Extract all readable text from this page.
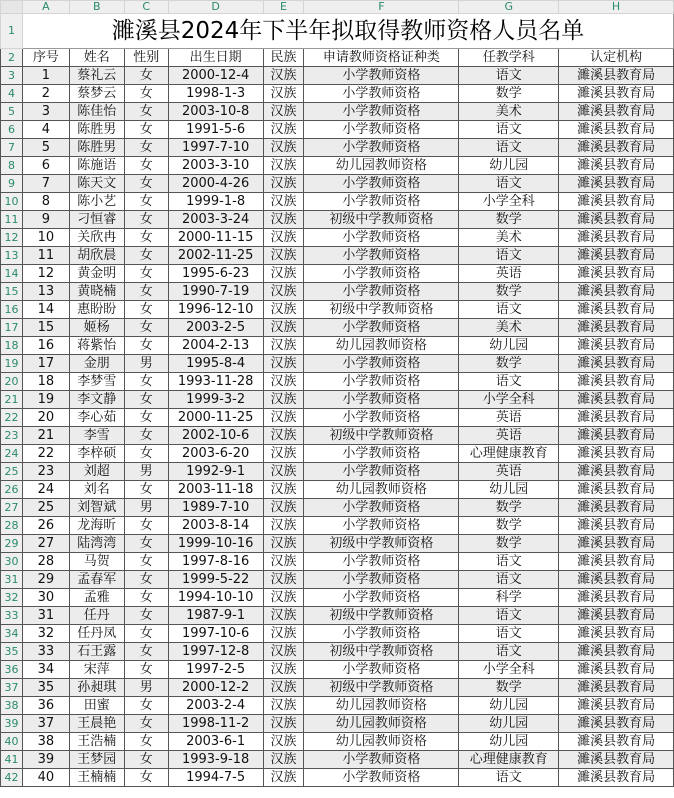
	A	B	C	D	E	F	G	H
1	濉溪县2024年下半年拟取得教师资格人员名单							
2	序号	姓名	性别	出生日期	民族	申请教师资格证种类	任教学科	认定机构
3	1	蔡礼云	女	2000-12-4	汉族	小学教师资格	语文	濉溪县教育局
4	2	蔡梦云	女	1998-1-3	汉族	小学教师资格	数学	濉溪县教育局
5	3	陈佳怡	女	2003-10-8	汉族	小学教师资格	美术	濉溪县教育局
6	4	陈胜男	女	1991-5-6	汉族	小学教师资格	语文	濉溪县教育局
7	5	陈胜男	女	1997-7-10	汉族	小学教师资格	语文	濉溪县教育局
8	6	陈施语	女	2003-3-10	汉族	幼儿园教师资格	幼儿园	濉溪县教育局
9	7	陈天文	女	2000-4-26	汉族	小学教师资格	语文	濉溪县教育局
10	8	陈小艺	女	1999-1-8	汉族	小学教师资格	小学全科	濉溪县教育局
11	9	刁恒睿	女	2003-3-24	汉族	初级中学教师资格	数学	濉溪县教育局
12	10	关欣冉	女	2000-11-15	汉族	小学教师资格	美术	濉溪县教育局
13	11	胡欣晨	女	2002-11-25	汉族	小学教师资格	语文	濉溪县教育局
14	12	黄金明	女	1995-6-23	汉族	小学教师资格	英语	濉溪县教育局
15	13	黄晓楠	女	1990-7-19	汉族	小学教师资格	数学	濉溪县教育局
16	14	惠盼盼	女	1996-12-10	汉族	初级中学教师资格	语文	濉溪县教育局
17	15	姬杨	女	2003-2-5	汉族	小学教师资格	美术	濉溪县教育局
18	16	蒋紫怡	女	2004-2-13	汉族	幼儿园教师资格	幼儿园	濉溪县教育局
19	17	金朋	男	1995-8-4	汉族	小学教师资格	数学	濉溪县教育局
20	18	李梦雪	女	1993-11-28	汉族	小学教师资格	语文	濉溪县教育局
21	19	李文静	女	1999-3-2	汉族	小学教师资格	小学全科	濉溪县教育局
22	20	李心茹	女	2000-11-25	汉族	小学教师资格	英语	濉溪县教育局
23	21	李雪	女	2002-10-6	汉族	初级中学教师资格	英语	濉溪县教育局
24	22	李梓硕	女	2003-6-20	汉族	小学教师资格	心理健康教育	濉溪县教育局
25	23	刘超	男	1992-9-1	汉族	小学教师资格	英语	濉溪县教育局
26	24	刘名	女	2003-11-18	汉族	幼儿园教师资格	幼儿园	濉溪县教育局
27	25	刘智斌	男	1989-7-10	汉族	小学教师资格	数学	濉溪县教育局
28	26	龙海昕	女	2003-8-14	汉族	小学教师资格	数学	濉溪县教育局
29	27	陆湾湾	女	1999-10-16	汉族	初级中学教师资格	数学	濉溪县教育局
30	28	马贺	女	1997-8-16	汉族	小学教师资格	语文	濉溪县教育局
31	29	孟春军	女	1999-5-22	汉族	小学教师资格	语文	濉溪县教育局
32	30	孟雅	女	1994-10-10	汉族	小学教师资格	科学	濉溪县教育局
33	31	任丹	女	1987-9-1	汉族	初级中学教师资格	语文	濉溪县教育局
34	32	任丹凤	女	1997-10-6	汉族	小学教师资格	语文	濉溪县教育局
35	33	石王露	女	1997-12-8	汉族	初级中学教师资格	语文	濉溪县教育局
36	34	宋萍	女	1997-2-5	汉族	小学教师资格	小学全科	濉溪县教育局
37	35	孙昶琪	男	2000-12-2	汉族	初级中学教师资格	数学	濉溪县教育局
38	36	田蜜	女	2003-2-4	汉族	幼儿园教师资格	幼儿园	濉溪县教育局
39	37	王晨艳	女	1998-11-2	汉族	幼儿园教师资格	幼儿园	濉溪县教育局
40	38	王浩楠	女	2003-6-1	汉族	幼儿园教师资格	幼儿园	濉溪县教育局
41	39	王梦园	女	1993-9-18	汉族	小学教师资格	心理健康教育	濉溪县教育局
42	40	王楠楠	女	1994-7-5	汉族	小学教师资格	语文	濉溪县教育局
